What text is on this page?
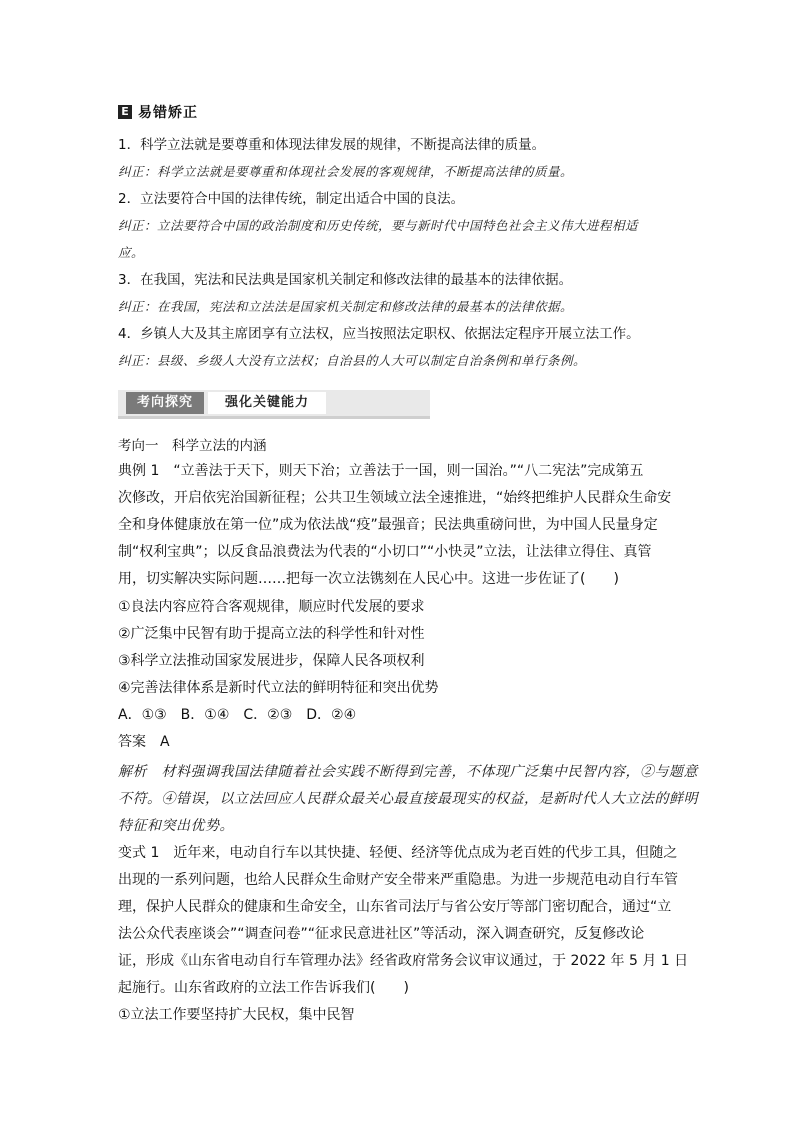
E 易错矫正
1．科学立法就是要尊重和体现法律发展的规律，不断提高法律的质量。
纠正：科学立法就是要尊重和体现社会发展的客观规律，不断提高法律的质量。
2．立法要符合中国的法律传统，制定出适合中国的良法。
纠正：立法要符合中国的政治制度和历史传统，要与新时代中国特色社会主义伟大进程相适
应。
3．在我国，宪法和民法典是国家机关制定和修改法律的最基本的法律依据。
纠正：在我国，宪法和立法法是国家机关制定和修改法律的最基本的法律依据。
4．乡镇人大及其主席团享有立法权，应当按照法定职权、依据法定程序开展立法工作。
纠正：县级、乡级人大没有立法权；自治县的人大可以制定自治条例和单行条例。
考向探究	强化关键能力
考向一　科学立法的内涵
典例 1　“立善法于天下，则天下治；立善法于一国，则一国治。”“八二宪法”完成第五
次修改，开启依宪治国新征程；公共卫生领域立法全速推进，“始终把维护人民群众生命安
全和身体健康放在第一位”成为依法战“疫”最强音；民法典重磅问世，为中国人民量身定
制“权利宝典”；以反食品浪费法为代表的“小切口”“小快灵”立法，让法律立得住、真管
用，切实解决实际问题……把每一次立法镌刻在人民心中。这进一步佐证了(　　)
①良法内容应符合客观规律，顺应时代发展的要求
②广泛集中民智有助于提高立法的科学性和针对性
③科学立法推动国家发展进步，保障人民各项权利
④完善法律体系是新时代立法的鲜明特征和突出优势
A．①③　B．①④　C．②③　D．②④
答案　 A
解析　材料强调我国法律随着社会实践不断得到完善，不体现广泛集中民智内容，②与题意
不符。④错误，以立法回应人民群众最关心最直接最现实的权益，是新时代人大立法的鲜明
特征和突出优势。
变式 1　近年来，电动自行车以其快捷、轻便、经济等优点成为老百姓的代步工具，但随之
出现的一系列问题，也给人民群众生命财产安全带来严重隐患。为进一步规范电动自行车管
理，保护人民群众的健康和生命安全，山东省司法厅与省公安厅等部门密切配合，通过“立
法公众代表座谈会”“调查问卷”“征求民意进社区”等活动，深入调查研究，反复修改论
证，形成《山东省电动自行车管理办法》经省政府常务会议审议通过，于 2022 年 5 月 1 日
起施行。山东省政府的立法工作告诉我们(　　)
①立法工作要坚持扩大民权，集中民智
